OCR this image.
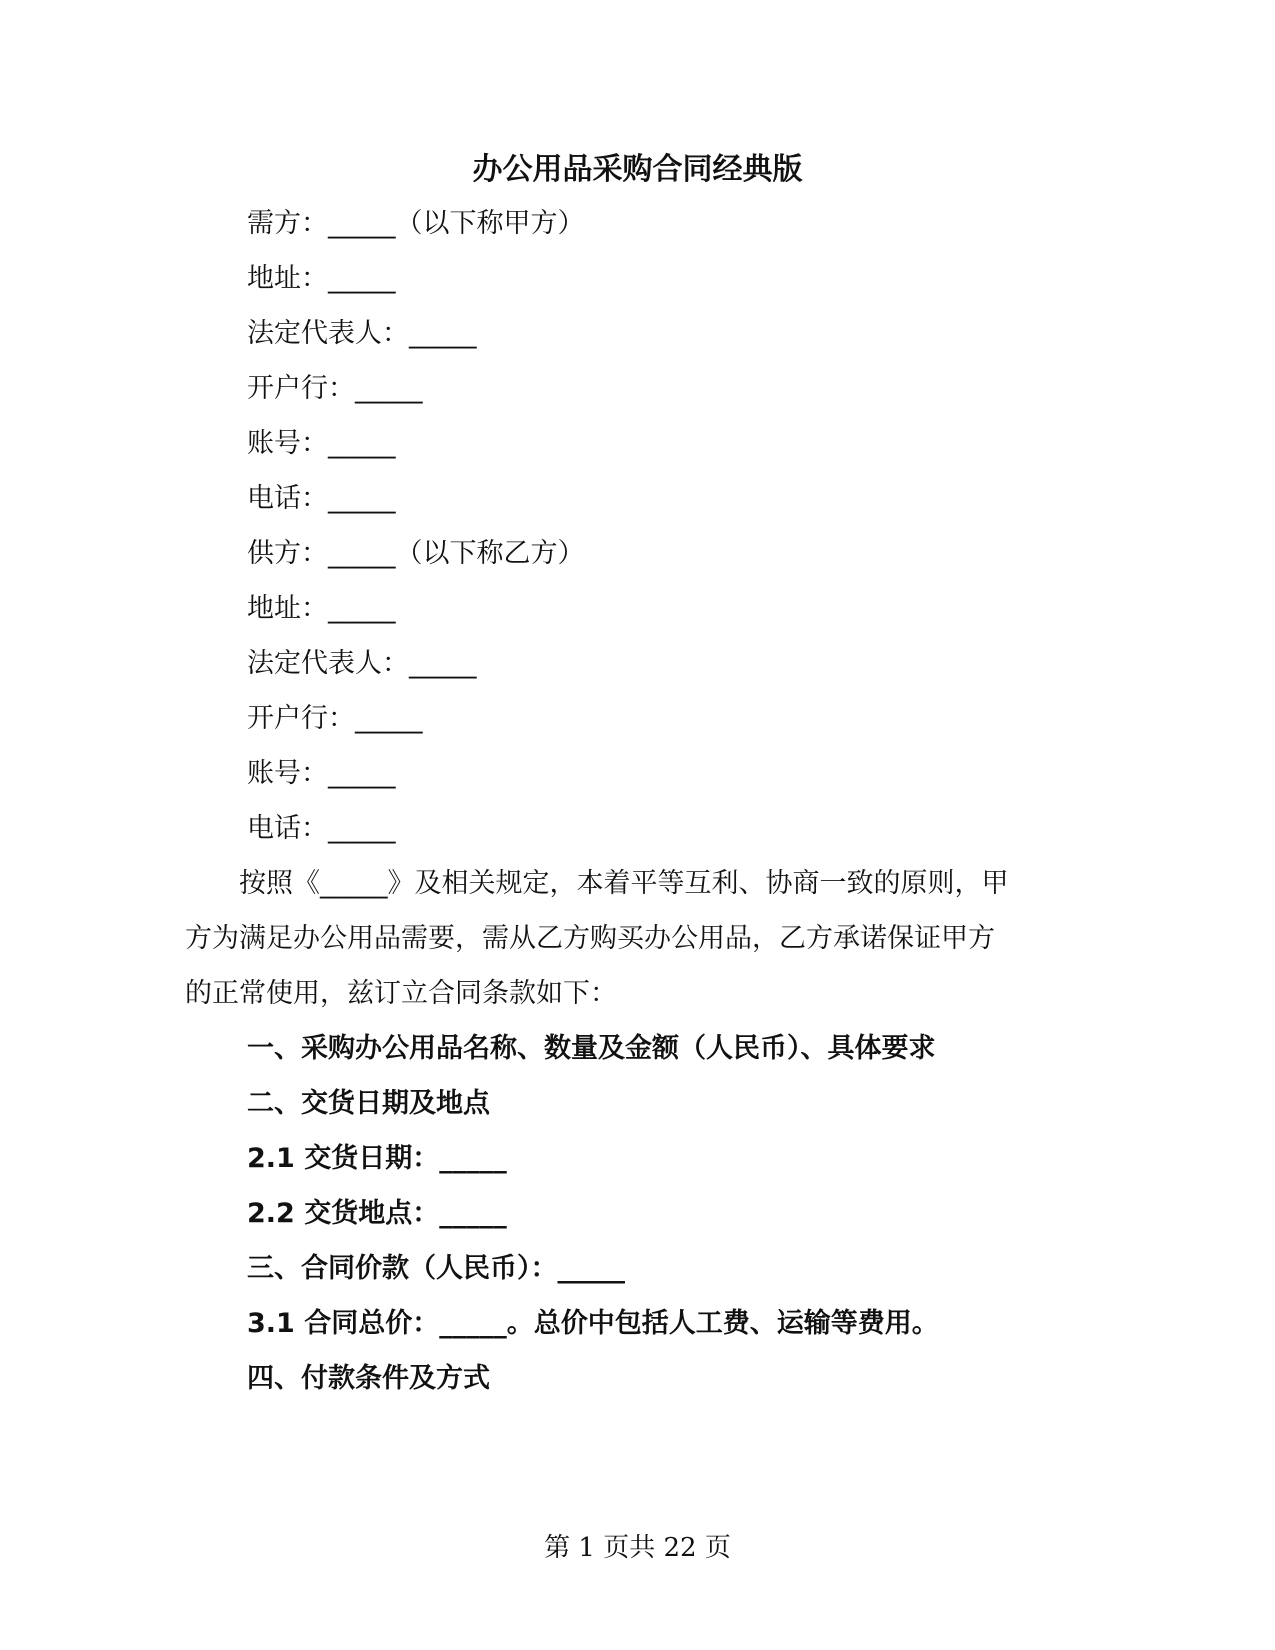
办公用品采购合同经典版

需方：_____（以下称甲方）

地址：_____

法定代表人：_____

开户行：_____

账号：_____

电话：_____

供方：_____（以下称乙方）

地址：_____

法定代表人：_____

开户行：_____

账号：_____

电话：_____

　　按照《_____》及相关规定，本着平等互利、协商一致的原则，甲
方为满足办公用品需要，需从乙方购买办公用品，乙方承诺保证甲方
的正常使用，兹订立合同条款如下：

一、采购办公用品名称、数量及金额（人民币）、具体要求

二、交货日期及地点

2.1 交货日期：_____

2.2 交货地点：_____

三、合同价款（人民币）：_____

3.1 合同总价：_____。总价中包括人工费、运输等费用。

四、付款条件及方式

第 1 页共 22 页
